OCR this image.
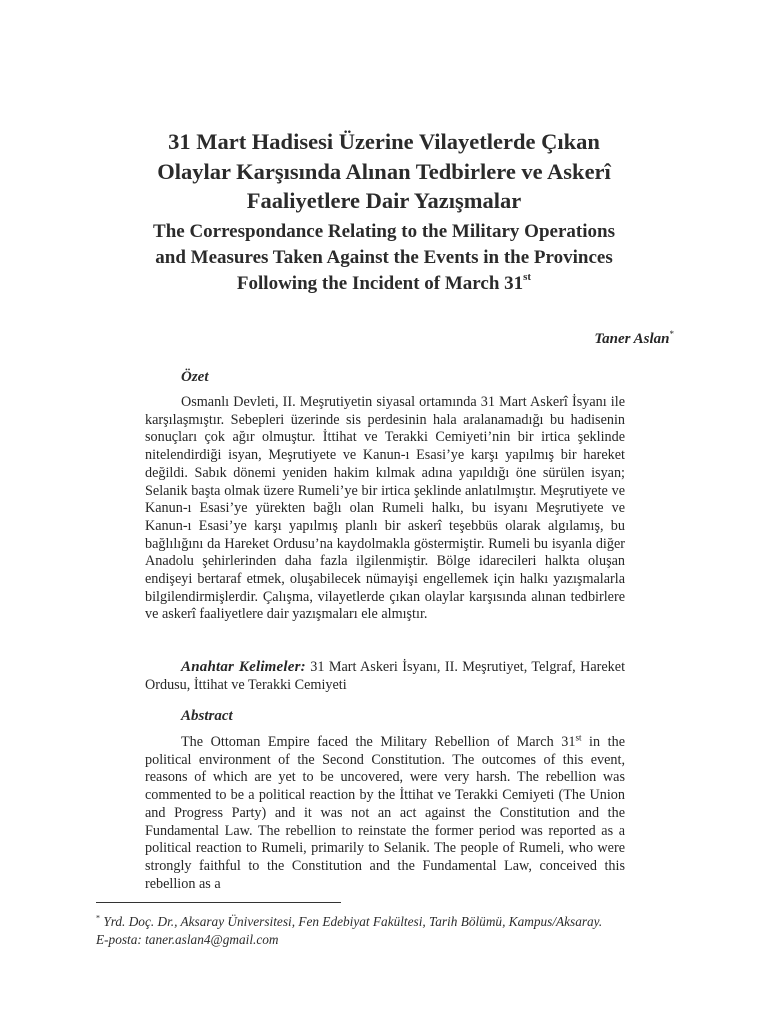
31 Mart Hadisesi Üzerine Vilayetlerde Çıkan
Olaylar Karşısında Alınan Tedbirlere ve Askerî
Faaliyetlere Dair Yazışmalar
The Correspondance Relating to the Military Operations
and Measures Taken Against the Events in the Provinces
Following the Incident of March 31st
Taner Aslan*
Özet

Osmanlı Devleti, II. Meşrutiyetin siyasal ortamında 31 Mart Askerî İsyanı ile karşılaşmıştır. Sebepleri üzerinde sis perdesinin hala aralanamadığı bu hadisenin sonuçları çok ağır olmuştur. İttihat ve Terakki Cemiyeti’nin bir irtica şeklinde nitelendirdiği isyan, Meşrutiyete ve Kanun-ı Esasi’ye karşı yapılmış bir hareket değildi. Sabık dönemi yeniden hakim kılmak adına yapıldığı öne sürülen isyan; Selanik başta olmak üzere Rumeli’ye bir irtica şeklinde anlatılmıştır. Meşrutiyete ve Kanun-ı Esasi’ye yürekten bağlı olan Rumeli halkı, bu isyanı Meşrutiyete ve Kanun-ı Esasi’ye karşı yapılmış planlı bir askerî teşebbüs olarak algılamış, bu bağlılığını da Hareket Ordusu’na kaydolmakla göstermiştir. Rumeli bu isyanla diğer Anadolu şehirlerinden daha fazla ilgilenmiştir. Bölge idarecileri halkta oluşan endişeyi bertaraf etmek, oluşabilecek nümayişi engellemek için halkı yazışmalarla bilgilendirmişlerdir. Çalışma, vilayetlerde çıkan olaylar karşısında alınan tedbirlere ve askerî faaliyetlere dair yazışmaları ele almıştır.

Anahtar Kelimeler: 31 Mart Askeri İsyanı, II. Meşrutiyet, Telgraf, Hareket Ordusu, İttihat ve Terakki Cemiyeti

Abstract

The Ottoman Empire faced the Military Rebellion of March 31st in the political environment of the Second Constitution. The outcomes of this event, reasons of which are yet to be uncovered, were very harsh. The rebellion was commented to be a political reaction by the İttihat ve Terakki Cemiyeti (The Union and Progress Party) and it was not an act against the Constitution and the Fundamental Law. The rebellion to reinstate the former period was reported as a political reaction to Rumeli, primarily to Selanik. The people of Rumeli, who were strongly faithful to the Constitution and the Fundamental Law, conceived this rebellion as a

* Yrd. Doç. Dr., Aksaray Üniversitesi, Fen Edebiyat Fakültesi, Tarih Bölümü, Kampus/Aksaray.
E-posta: taner.aslan4@gmail.com
